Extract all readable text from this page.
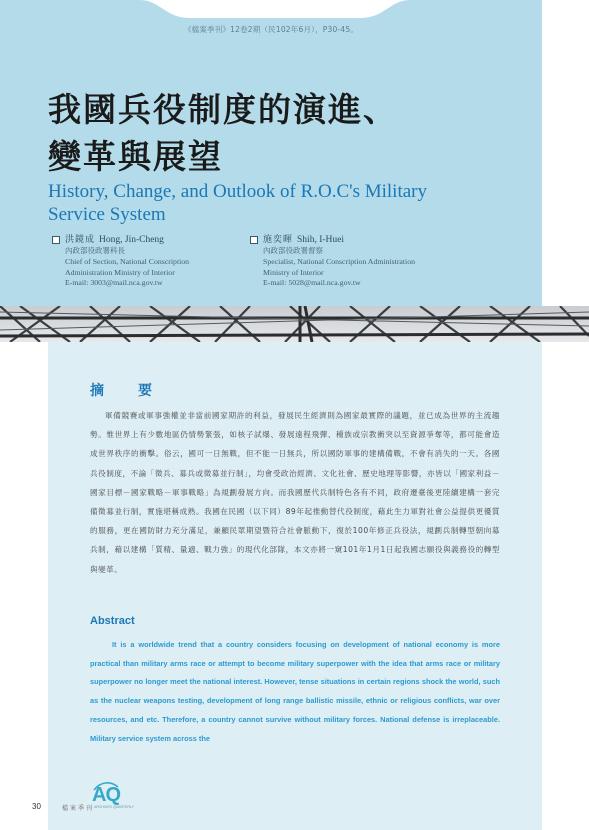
《檔案季刊》12卷2期（民102年6月），P30-45。
我國兵役制度的演進、
變革與展望
History, Change, and Outlook of R.O.C's Military
Service System
洪鏡成 Hong, Jin-Cheng
內政部役政署科長
Chief of Section, National Conscription
Administration Ministry of Interior
E-mail: 3003@mail.nca.gov.tw
施奕暉 Shih, I-Huei
內政部役政署督察
Specialist, National Conscription Administration
Ministry of Interior
E-mail: 5028@mail.nca.gov.tw
摘　要

軍備競賽或軍事強權並非當前國家期許的利益，發展民生經濟則為國家最實際的議題，並已成為世界的主流趨勢。惟世界上有少數地區仍情勢緊張，如核子試爆、發展遠程飛彈、種族或宗教衝突以至資源爭奪等，都可能會造成世界秩序的衝擊。俗云，國可一日無戰，但不能一日無兵，所以國防軍事的建構備戰，不會有消失的一天。各國兵役制度，不論「徵兵、募兵或徵募並行制」，均會受政治經濟、文化社會、歷史地理等影響，亦皆以「國家利益－國家目標－國家戰略－軍事戰略」為規劃發展方向。而我國歷代兵制特色各有不同，政府遷臺後更陸續建構一套完備徵募並行制，實施堪稱成熟。我國在民國（以下同）89年起推動替代役制度，藉此生力軍對社會公益提供更優質的服務，更在國防財力充分滿足，兼顧民眾期望暨符合社會脈動下，復於100年修正兵役法，規劃兵制轉型朝向募兵制，藉以建構「質精、量適、戰力強」的現代化部隊，本文亦將一窺101年1月1日起我國志願役與義務役的轉型與變革。

Abstract

It is a worldwide trend that a country considers focusing on development of national economy is more practical than military arms race or attempt to become military superpower with the idea that arms race or military superpower no longer meet the national interest. However, tense situations in certain regions shock the world, such as the nuclear weapons testing, development of long range ballistic missile, ethnic or religious conflicts, war over resources, and etc. Therefore, a country cannot survive without military forces. National defense is irreplaceable. Military service system across the

30	檔案季刊
AQ
ARCHIVES QUARTERLY
